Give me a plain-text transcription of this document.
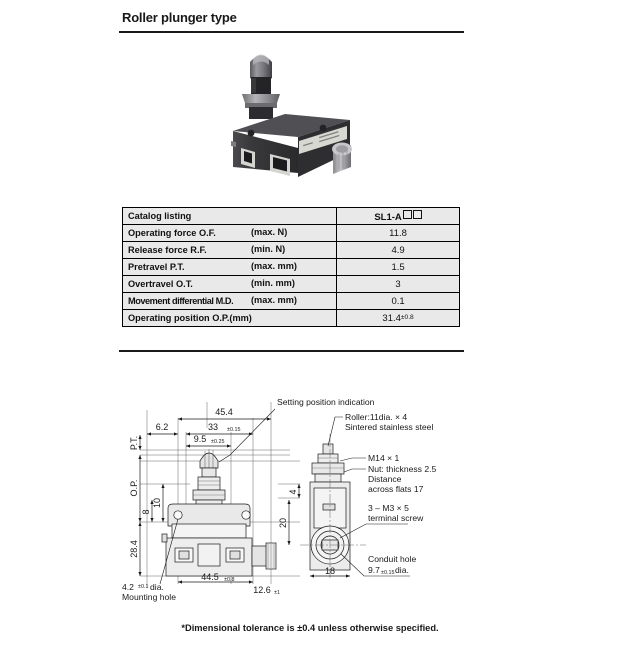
Roller plunger type
Catalog listing	SL1-A
Operating force O.F. (max. N)	11.8
Release force R.F. (min. N)	4.9
Pretravel P.T. (max. mm)	1.5
Overtravel O.T. (min. mm)	3
Movement differential M.D. (max. mm)	0.1
Operating position O.P.(mm)	$31.4^{\pm 0.8}$
45.4
6.2	33 ±0.15
9.5 ±0.25
P.T.
O.P.
28.4
10
8
44.5 ±0.8
12.6 ±1
4
20
18
Setting position indication
Roller:11dia. × 4
Sintered stainless steel
M14 × 1
Nut: thickness 2.5
Distance
across flats 17
3 – M3 × 5
terminal screw
Conduit hole
9.7 ±0.15 dia.
4.2 ±0.1 dia.
Mounting hole
*Dimensional tolerance is ±0.4 unless otherwise specified.
